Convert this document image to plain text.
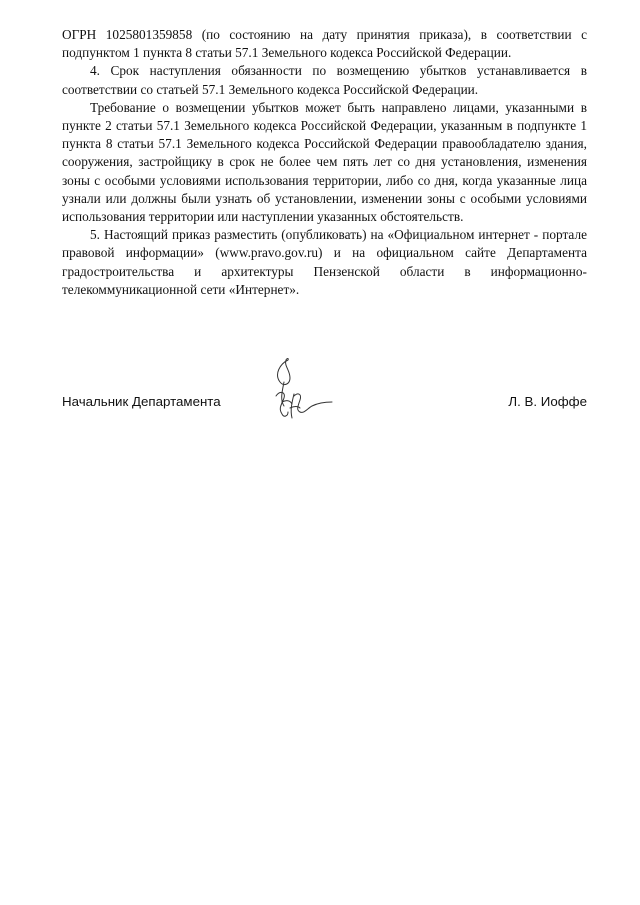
ОГРН 1025801359858 (по состоянию на дату принятия приказа), в соответствии с подпунктом 1 пункта 8 статьи 57.1 Земельного кодекса Российской Федерации.

4. Срок наступления обязанности по возмещению убытков устанавливается в соответствии со статьей 57.1 Земельного кодекса Российской Федерации.

Требование о возмещении убытков может быть направлено лицами, указанными в пункте 2 статьи 57.1 Земельного кодекса Российской Федерации, указанным в подпункте 1 пункта 8 статьи 57.1 Земельного кодекса Российской Федерации правообладателю здания, сооружения, застройщику в срок не более чем пять лет со дня установления, изменения зоны с особыми условиями использования территории, либо со дня, когда указанные лица узнали или должны были узнать об установлении, изменении зоны с особыми условиями использования территории или наступлении указанных обстоятельств.

5. Настоящий приказ разместить (опубликовать) на «Официальном интернет - портале правовой информации» (www.pravo.gov.ru) и на официальном сайте Департамента градостроительства и архитектуры Пензенской области в информационно-телекоммуникационной сети «Интернет».

Начальник Департамента	Л. В. Иоффе
